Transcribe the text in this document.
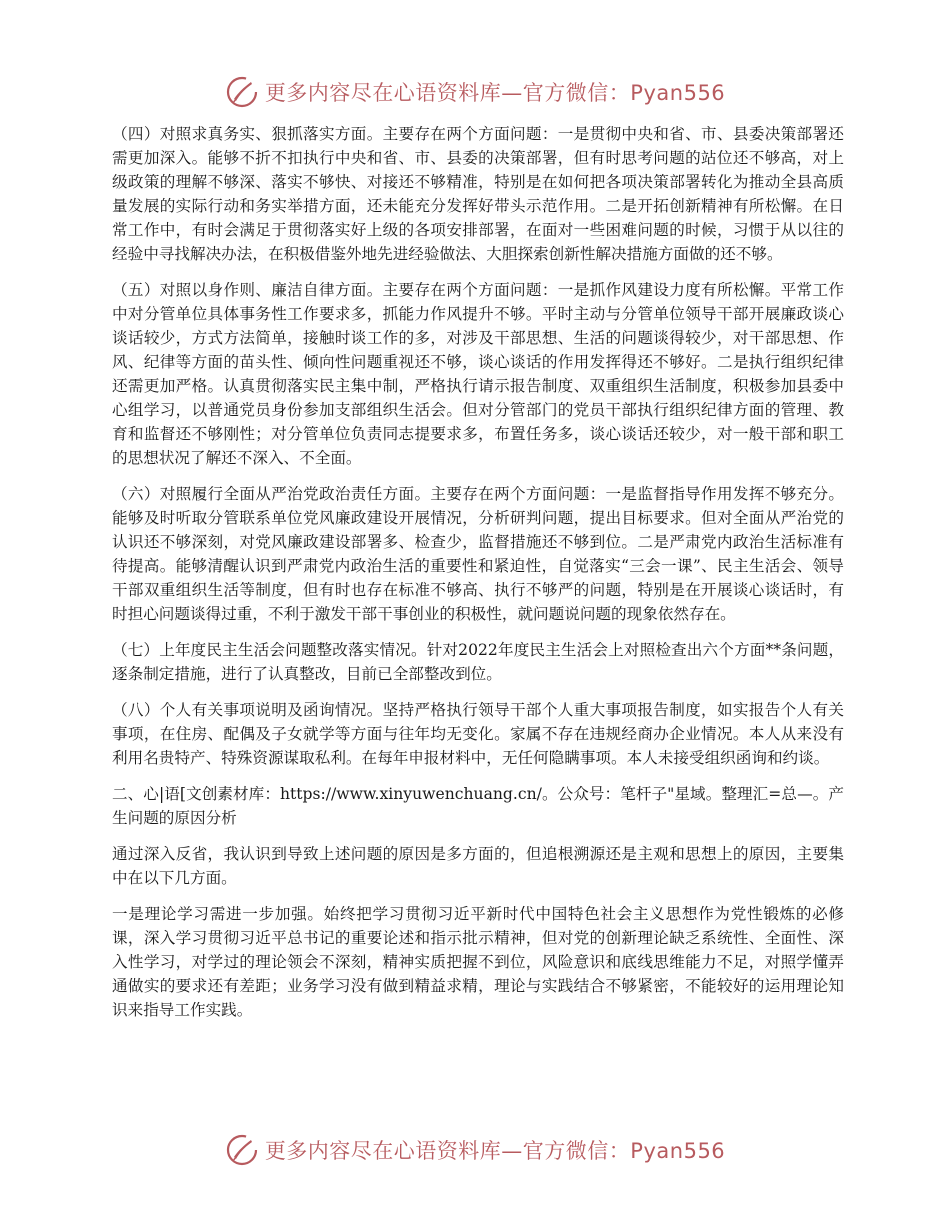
更多内容尽在心语资料库—官方微信：Pyan556

（四）对照求真务实、狠抓落实方面。主要存在两个方面问题：一是贯彻中央和省、市、县委决策部署还需更加深入。能够不折不扣执行中央和省、市、县委的决策部署，但有时思考问题的站位还不够高，对上级政策的理解不够深、落实不够快、对接还不够精准，特别是在如何把各项决策部署转化为推动全县高质量发展的实际行动和务实举措方面，还未能充分发挥好带头示范作用。二是开拓创新精神有所松懈。在日常工作中，有时会满足于贯彻落实好上级的各项安排部署，在面对一些困难问题的时候，习惯于从以往的经验中寻找解决办法，在积极借鉴外地先进经验做法、大胆探索创新性解决措施方面做的还不够。

（五）对照以身作则、廉洁自律方面。主要存在两个方面问题：一是抓作风建设力度有所松懈。平常工作中对分管单位具体事务性工作要求多，抓能力作风提升不够。平时主动与分管单位领导干部开展廉政谈心谈话较少，方式方法简单，接触时谈工作的多，对涉及干部思想、生活的问题谈得较少，对干部思想、作风、纪律等方面的苗头性、倾向性问题重视还不够，谈心谈话的作用发挥得还不够好。二是执行组织纪律还需更加严格。认真贯彻落实民主集中制，严格执行请示报告制度、双重组织生活制度，积极参加县委中心组学习，以普通党员身份参加支部组织生活会。但对分管部门的党员干部执行组织纪律方面的管理、教育和监督还不够刚性；对分管单位负责同志提要求多，布置任务多，谈心谈话还较少，对一般干部和职工的思想状况了解还不深入、不全面。

（六）对照履行全面从严治党政治责任方面。主要存在两个方面问题：一是监督指导作用发挥不够充分。能够及时听取分管联系单位党风廉政建设开展情况，分析研判问题，提出目标要求。但对全面从严治党的认识还不够深刻，对党风廉政建设部署多、检查少，监督措施还不够到位。二是严肃党内政治生活标准有待提高。能够清醒认识到严肃党内政治生活的重要性和紧迫性，自觉落实“三会一课”、民主生活会、领导干部双重组织生活等制度，但有时也存在标准不够高、执行不够严的问题，特别是在开展谈心谈话时，有时担心问题谈得过重，不利于激发干部干事创业的积极性，就问题说问题的现象依然存在。

（七）上年度民主生活会问题整改落实情况。针对2022年度民主生活会上对照检查出六个方面**条问题，逐条制定措施，进行了认真整改，目前已全部整改到位。

（八）个人有关事项说明及函询情况。坚持严格执行领导干部个人重大事项报告制度，如实报告个人有关事项，在住房、配偶及子女就学等方面与往年均无变化。家属不存在违规经商办企业情况。本人从来没有利用名贵特产、特殊资源谋取私利。在每年申报材料中，无任何隐瞒事项。本人未接受组织函询和约谈。

二、心|语[文创素材库：https://www.xinyuwenchuang.cn/。公众号：笔杆子"星域。整理汇=总—。产生问题的原因分析

通过深入反省，我认识到导致上述问题的原因是多方面的，但追根溯源还是主观和思想上的原因，主要集中在以下几方面。

一是理论学习需进一步加强。始终把学习贯彻习近平新时代中国特色社会主义思想作为党性锻炼的必修课，深入学习贯彻习近平总书记的重要论述和指示批示精神，但对党的创新理论缺乏系统性、全面性、深入性学习，对学过的理论领会不深刻，精神实质把握不到位，风险意识和底线思维能力不足，对照学懂弄通做实的要求还有差距；业务学习没有做到精益求精，理论与实践结合不够紧密，不能较好的运用理论知识来指导工作实践。

更多内容尽在心语资料库—官方微信：Pyan556
